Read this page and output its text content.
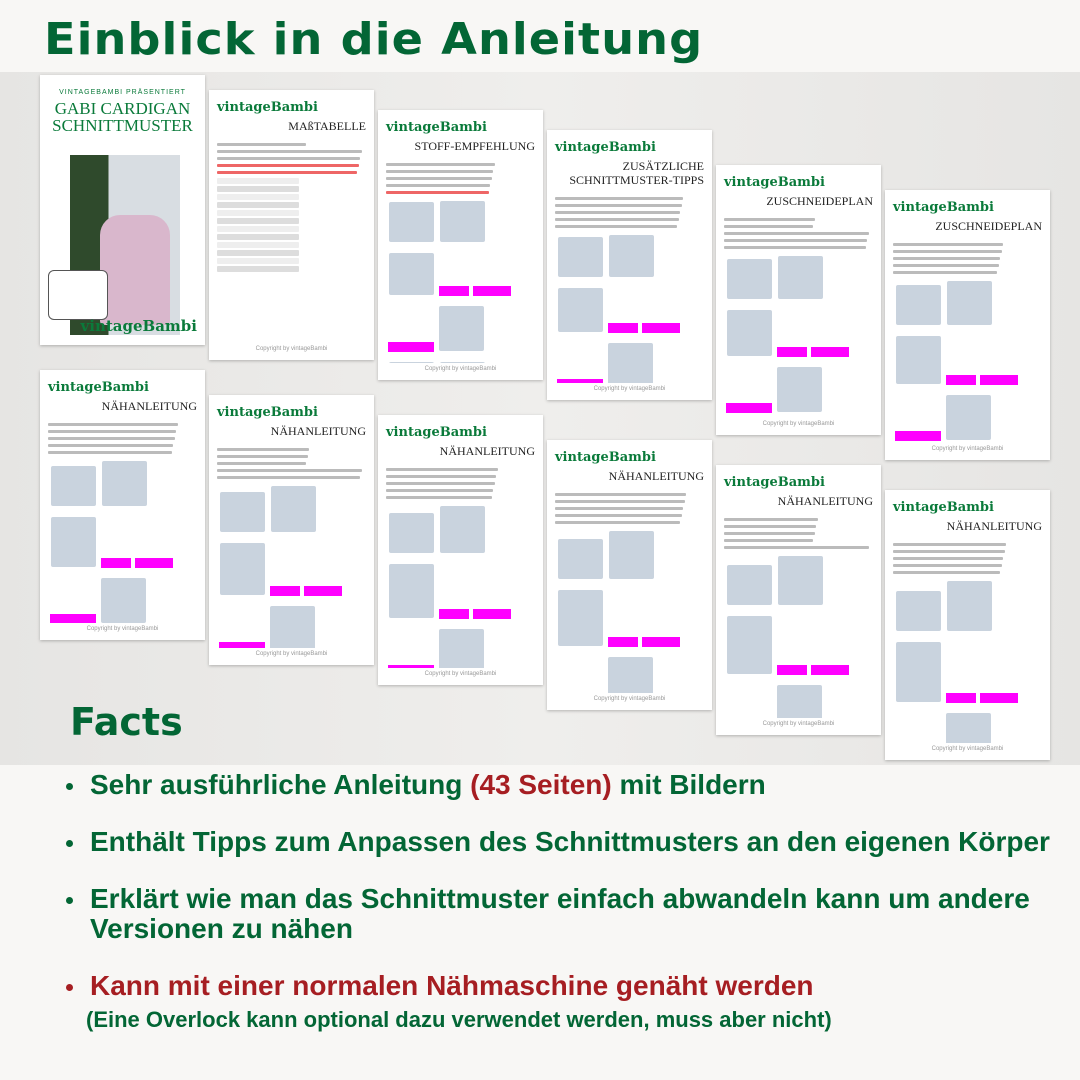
Einblick in die Anleitung
VINTAGEBAMBI PRÄSENTIERT
GABI CARDIGAN SCHNITTMUSTER
vintageBambi
vintageBambi
MAßTABELLE
Copyright by vintageBambi
vintageBambi
STOFF-EMPFEHLUNG
Copyright by vintageBambi
vintageBambi
ZUSÄTZLICHE SCHNITTMUSTER-TIPPS
Copyright by vintageBambi
vintageBambi
ZUSCHNEIDEPLAN
Copyright by vintageBambi
vintageBambi
ZUSCHNEIDEPLAN
Copyright by vintageBambi
vintageBambi
NÄHANLEITUNG
Copyright by vintageBambi
vintageBambi
NÄHANLEITUNG
Copyright by vintageBambi
vintageBambi
NÄHANLEITUNG
Copyright by vintageBambi
vintageBambi
NÄHANLEITUNG
Copyright by vintageBambi
vintageBambi
NÄHANLEITUNG
Copyright by vintageBambi
vintageBambi
NÄHANLEITUNG
Copyright by vintageBambi
Facts
Sehr ausführliche Anleitung (43 Seiten) mit Bildern
Enthält Tipps zum Anpassen des Schnittmusters an den eigenen Körper
Erklärt wie man das Schnittmuster einfach abwandeln kann um andere Versionen zu nähen
Kann mit einer normalen Nähmaschine genäht werden
(Eine Overlock kann optional dazu verwendet werden, muss aber nicht)
